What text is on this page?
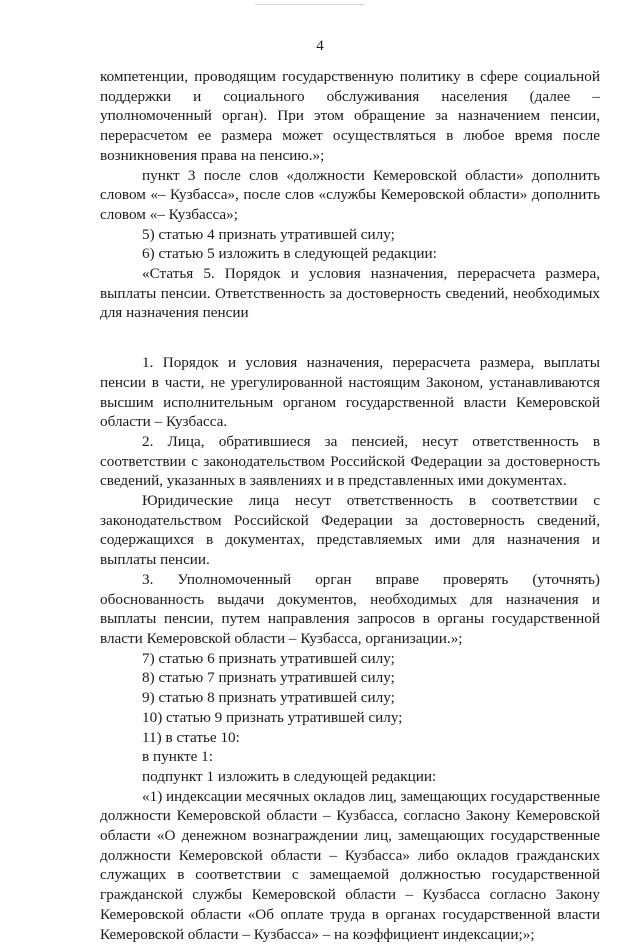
4

компетенции, проводящим государственную политику в сфере социальной поддержки и социального обслуживания населения (далее – уполномоченный орган). При этом обращение за назначением пенсии, перерасчетом ее размера может осуществляться в любое время после возникновения права на пенсию.»;

пункт 3 после слов «должности Кемеровской области» дополнить словом «– Кузбасса», после слов «службы Кемеровской области» дополнить словом «– Кузбасса»;

5) статью 4 признать утратившей силу;

6) статью 5 изложить в следующей редакции:

«Статья 5. Порядок и условия назначения, перерасчета размера, выплаты пенсии. Ответственность за достоверность сведений, необходимых для назначения пенсии

1. Порядок и условия назначения, перерасчета размера, выплаты пенсии в части, не урегулированной настоящим Законом, устанавливаются высшим исполнительным органом государственной власти Кемеровской области – Кузбасса.

2. Лица, обратившиеся за пенсией, несут ответственность в соответствии с законодательством Российской Федерации за достоверность сведений, указанных в заявлениях и в представленных ими документах.

Юридические лица несут ответственность в соответствии с законодательством Российской Федерации за достоверность сведений, содержащихся в документах, представляемых ими для назначения и выплаты пенсии.

3. Уполномоченный орган вправе проверять (уточнять) обоснованность выдачи документов, необходимых для назначения и выплаты пенсии, путем направления запросов в органы государственной власти Кемеровской области – Кузбасса, организации.»;

7) статью 6 признать утратившей силу;

8) статью 7 признать утратившей силу;

9) статью 8 признать утратившей силу;

10) статью 9 признать утратившей силу;

11) в статье 10:

в пункте 1:

подпункт 1 изложить в следующей редакции:

«1) индексации месячных окладов лиц, замещающих государственные должности Кемеровской области – Кузбасса, согласно Закону Кемеровской области «О денежном вознаграждении лиц, замещающих государственные должности Кемеровской области – Кузбасса» либо окладов гражданских служащих в соответствии с замещаемой должностью государственной гражданской службы Кемеровской области – Кузбасса согласно Закону Кемеровской области «Об оплате труда в органах государственной власти Кемеровской области – Кузбасса» – на коэффициент индексации;»;
